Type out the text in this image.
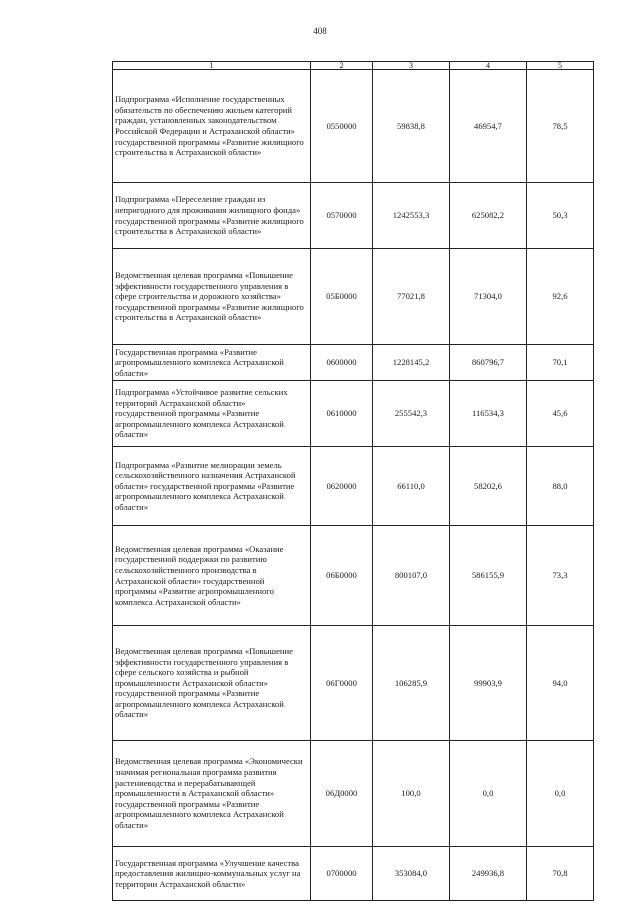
408
1	2	3	4	5
Подпрограмма «Исполнение государственных обязательств по обеспечению жильем категорий граждан, установленных законодательством Российской Федерации и Астраханской области» государственной программы «Развитие жилищного строительства в Астраханской области»	0550000	59838,8	46954,7	78,5
Подпрограмма «Переселение граждан из непригодного для проживания жилищного фонда» государственной программы «Развитие жилищного строительства в Астраханской области»	0570000	1242553,3	625082,2	50,3
Ведомственная целевая программа «Повышение эффективности государственного управления в сфере строительства и дорожного хозяйства» государственной программы «Развитие жилищного строительства в Астраханской области»	05Б0000	77021,8	71304,0	92,6
Государственная программа «Развитие агропромышленного комплекса Астраханской области»	0600000	1228145,2	860796,7	70,1
Подпрограмма «Устойчивое развитие сельских территорий Астраханской области» государственной программы «Развитие агропромышленного комплекса Астраханской области»	0610000	255542,3	116534,3	45,6
Подпрограмма «Развитие мелиорации земель сельскохозяйственного назначения Астраханской области» государственной программы «Развитие агропромышленного комплекса Астраханской области»	0620000	66110,0	58202,6	88,0
Ведомственная целевая программа «Оказание государственной поддержки по развитию сельскохозяйственного производства в Астраханской области» государственной программы «Развитие агропромышленного комплекса Астраханской области»	06Б0000	800107,0	586155,9	73,3
Ведомственная целевая программа «Повышение эффективности государственного управления в сфере сельского хозяйства и рыбной промышленности Астраханской области» государственной программы «Развитие агропромышленного комплекса Астраханской области»	06Г0000	106285,9	99903,9	94,0
Ведомственная целевая программа «Экономически значимая региональная программа развития растениеводства и перерабатывающей промышленности в Астраханской области» государственной программы «Развитие агропромышленного комплекса Астраханской области»	06Д0000	100,0	0,0	0,0
Государственная программа «Улучшение качества предоставления жилищно-коммунальных услуг на территории Астраханской области»	0700000	353084,0	249936,8	70,8
